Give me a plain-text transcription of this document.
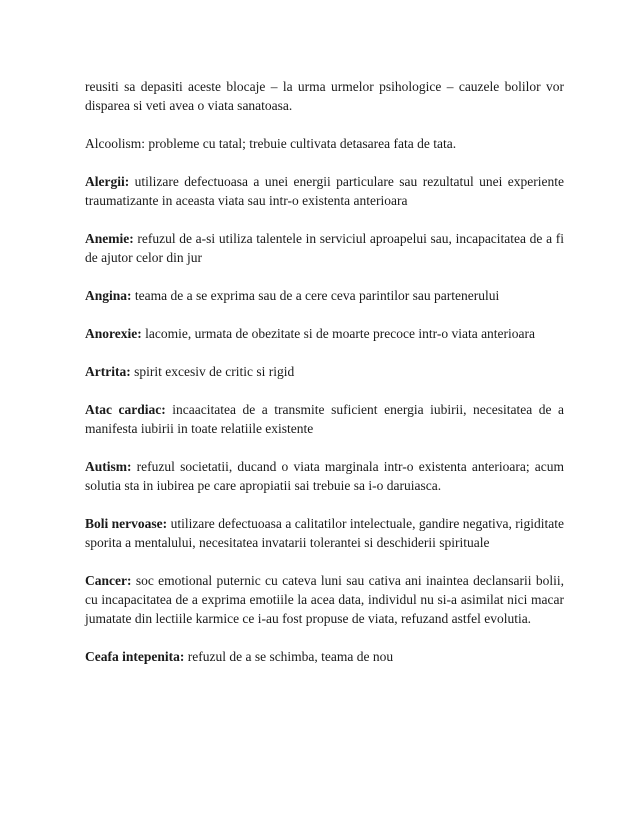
reusiti sa depasiti aceste blocaje – la urma urmelor psihologice – cauzele bolilor vor disparea si veti avea o viata sanatoasa.

Alcoolism: probleme cu tatal; trebuie cultivata detasarea fata de tata.

Alergii: utilizare defectuoasa a unei energii particulare sau rezultatul unei experiente traumatizante in aceasta viata sau intr-o existenta anterioara

Anemie: refuzul de a-si utiliza talentele in serviciul aproapelui sau, incapacitatea de a fi de ajutor celor din jur

Angina: teama de a se exprima sau de a cere ceva parintilor sau partenerului

Anorexie: lacomie, urmata de obezitate si de moarte precoce intr-o viata anterioara

Artrita: spirit excesiv de critic si rigid

Atac cardiac: incaacitatea de a transmite suficient energia iubirii, necesitatea de a manifesta iubirii in toate relatiile existente

Autism: refuzul societatii, ducand o viata marginala intr-o existenta anterioara; acum solutia sta in iubirea pe care apropiatii sai trebuie sa i-o daruiasca.

Boli nervoase: utilizare defectuoasa a calitatilor intelectuale, gandire negativa, rigiditate sporita a mentalului, necesitatea invatarii tolerantei si deschiderii spirituale

Cancer: soc emotional puternic cu cateva luni sau cativa ani inaintea declansarii bolii, cu incapacitatea de a exprima emotiile la acea data, individul nu si-a asimilat nici macar jumatate din lectiile karmice ce i-au fost propuse de viata, refuzand astfel evolutia.

Ceafa intepenita: refuzul de a se schimba, teama de nou
